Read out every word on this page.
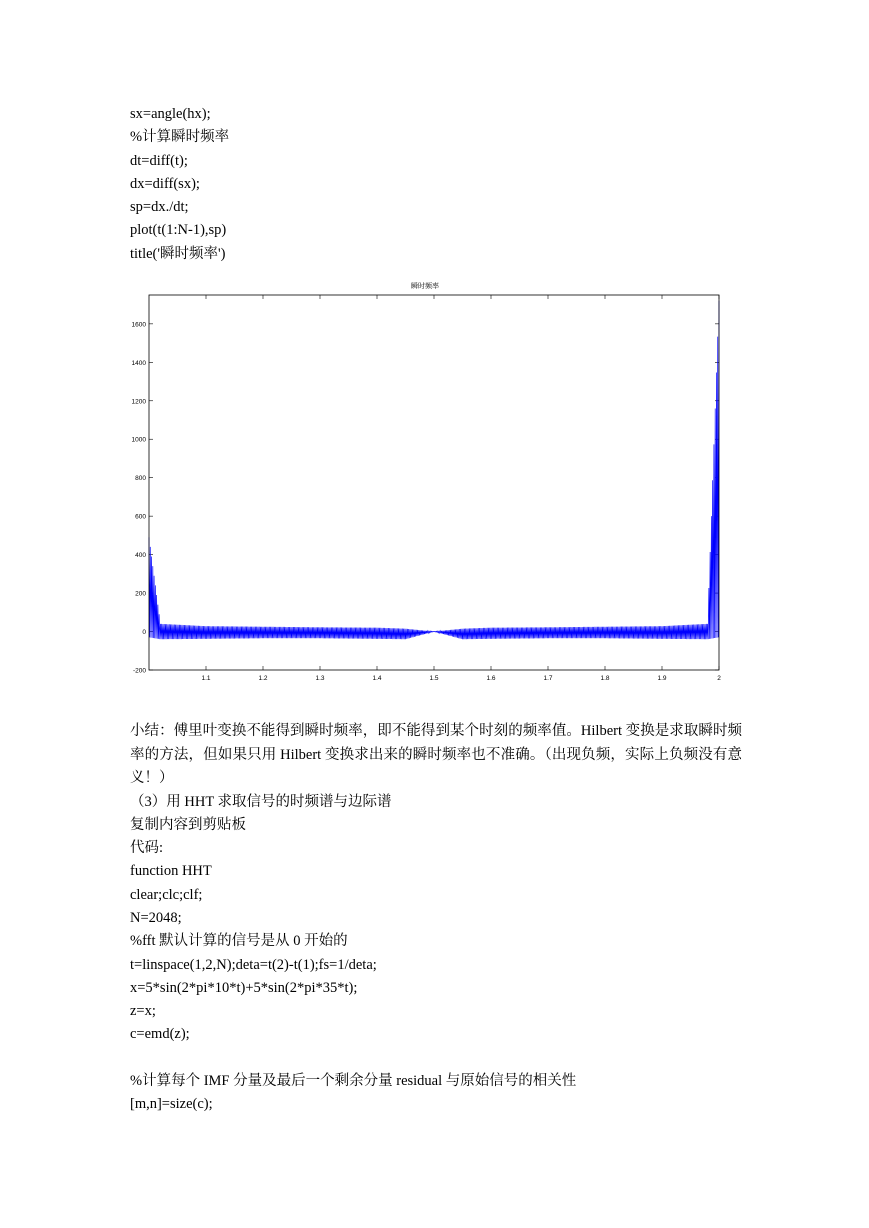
sx=angle(hx);
%计算瞬时频率
dt=diff(t);
dx=diff(sx);
sp=dx./dt;
plot(t(1:N-1),sp)
title('瞬时频率')
瞬时频率
-200
0
200
400
600
800
1000
1200
1400
1600
1.1	1.2	1.3	1.4	1.5	1.6	1.7	1.8	1.9	2
小结：傅里叶变换不能得到瞬时频率，即不能得到某个时刻的频率值。Hilbert 变换是求取瞬时频率的方法，但如果只用 Hilbert 变换求出来的瞬时频率也不准确。（出现负频，实际上负频没有意义！）
（3）用 HHT 求取信号的时频谱与边际谱
复制内容到剪贴板
代码:
function HHT
clear;clc;clf;
N=2048;
%fft 默认计算的信号是从 0 开始的
t=linspace(1,2,N);deta=t(2)-t(1);fs=1/deta;
x=5*sin(2*pi*10*t)+5*sin(2*pi*35*t);
z=x;
c=emd(z);
%计算每个 IMF 分量及最后一个剩余分量 residual 与原始信号的相关性
[m,n]=size(c);
